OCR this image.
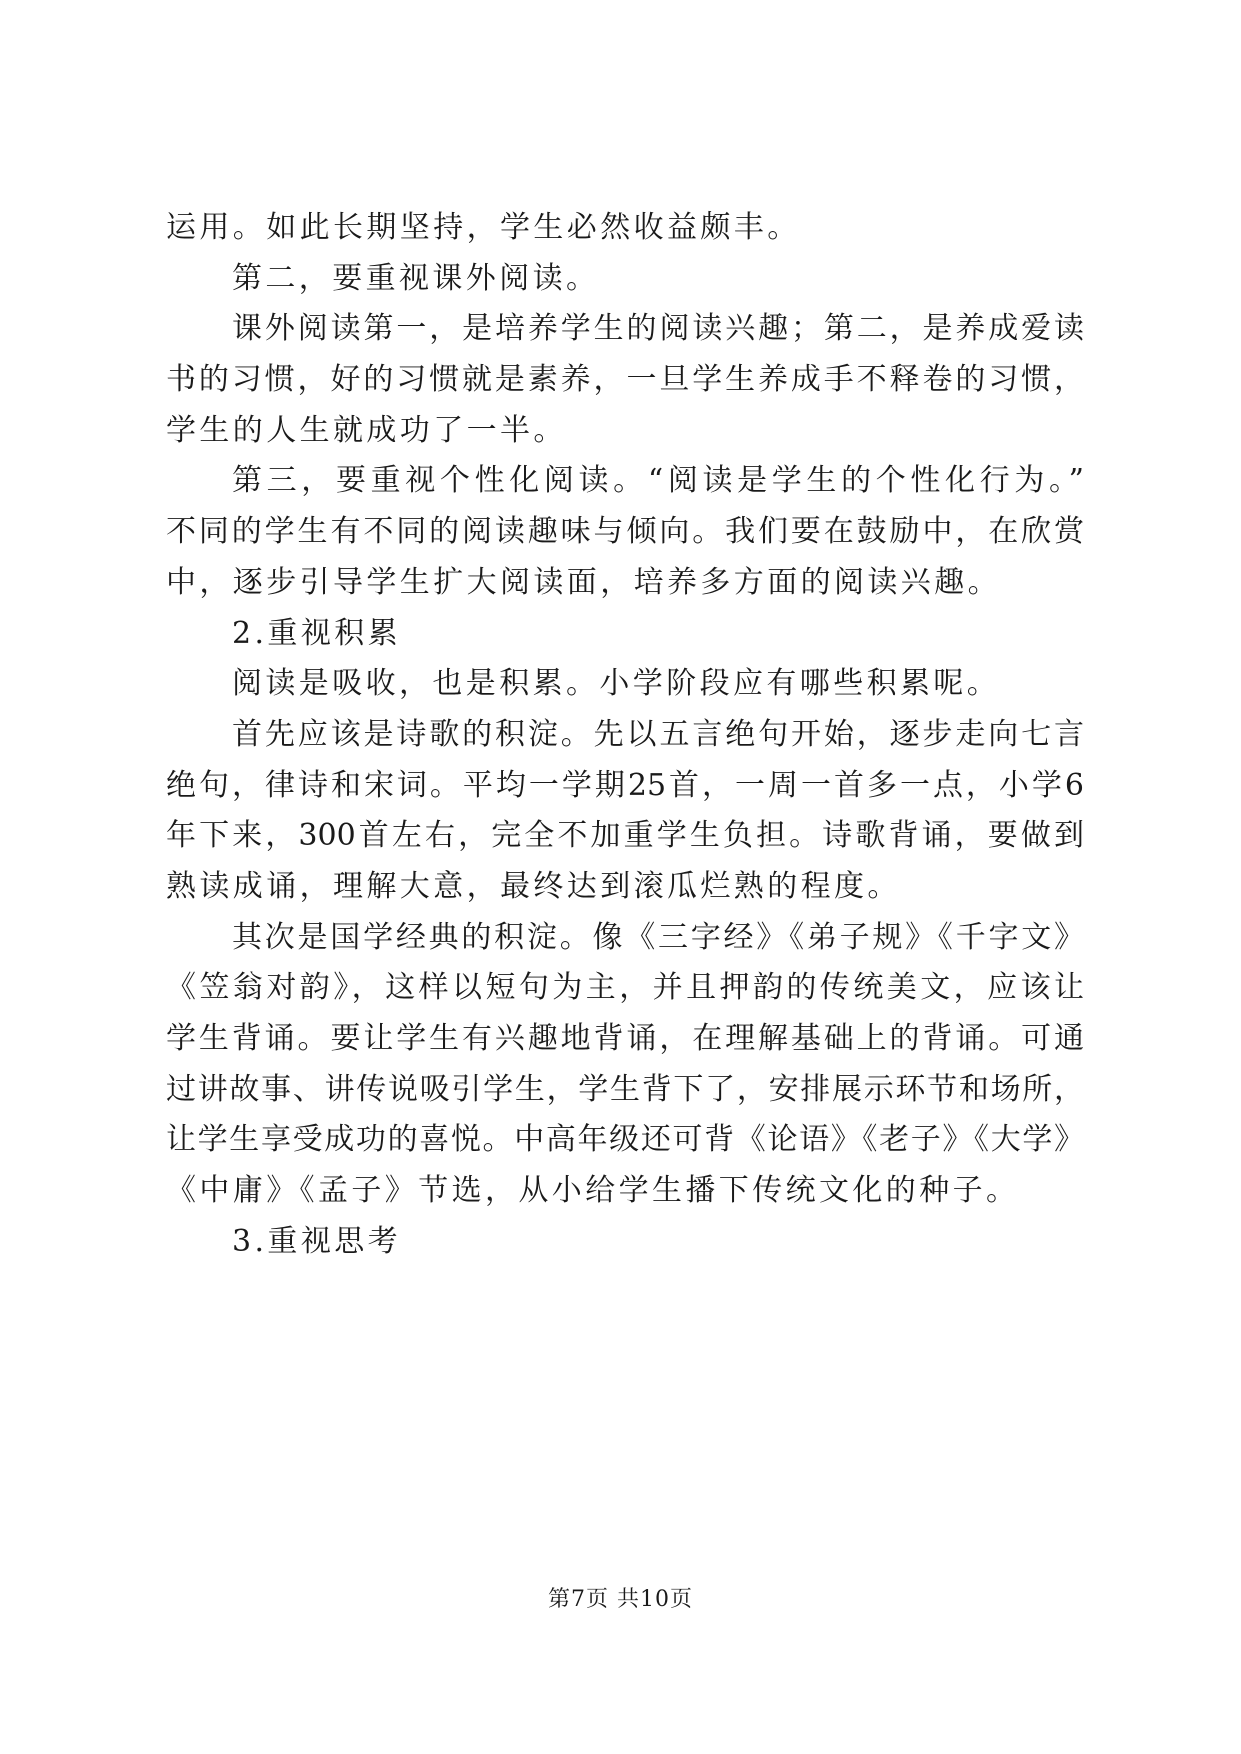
运用。如此长期坚持，学生必然收益颇丰。
第二，要重视课外阅读。
课外阅读第一，是培养学生的阅读兴趣；第二，是养成爱读
书的习惯，好的习惯就是素养，一旦学生养成手不释卷的习惯，
学生的人生就成功了一半。
第三，要重视个性化阅读。“阅读是学生的个性化行为。”
不同的学生有不同的阅读趣味与倾向。我们要在鼓励中，在欣赏
中，逐步引导学生扩大阅读面，培养多方面的阅读兴趣。
2.重视积累
阅读是吸收，也是积累。小学阶段应有哪些积累呢。
首先应该是诗歌的积淀。先以五言绝句开始，逐步走向七言
绝句，律诗和宋词。平均一学期25首，一周一首多一点，小学6
年下来，300首左右，完全不加重学生负担。诗歌背诵，要做到
熟读成诵，理解大意，最终达到滚瓜烂熟的程度。
其次是国学经典的积淀。像《三字经》《弟子规》《千字文》
《笠翁对韵》，这样以短句为主，并且押韵的传统美文，应该让
学生背诵。要让学生有兴趣地背诵，在理解基础上的背诵。可通
过讲故事、讲传说吸引学生，学生背下了，安排展示环节和场所，
让学生享受成功的喜悦。中高年级还可背《论语》《老子》《大学》
《中庸》《孟子》节选，从小给学生播下传统文化的种子。
3.重视思考
第7页 共10页
